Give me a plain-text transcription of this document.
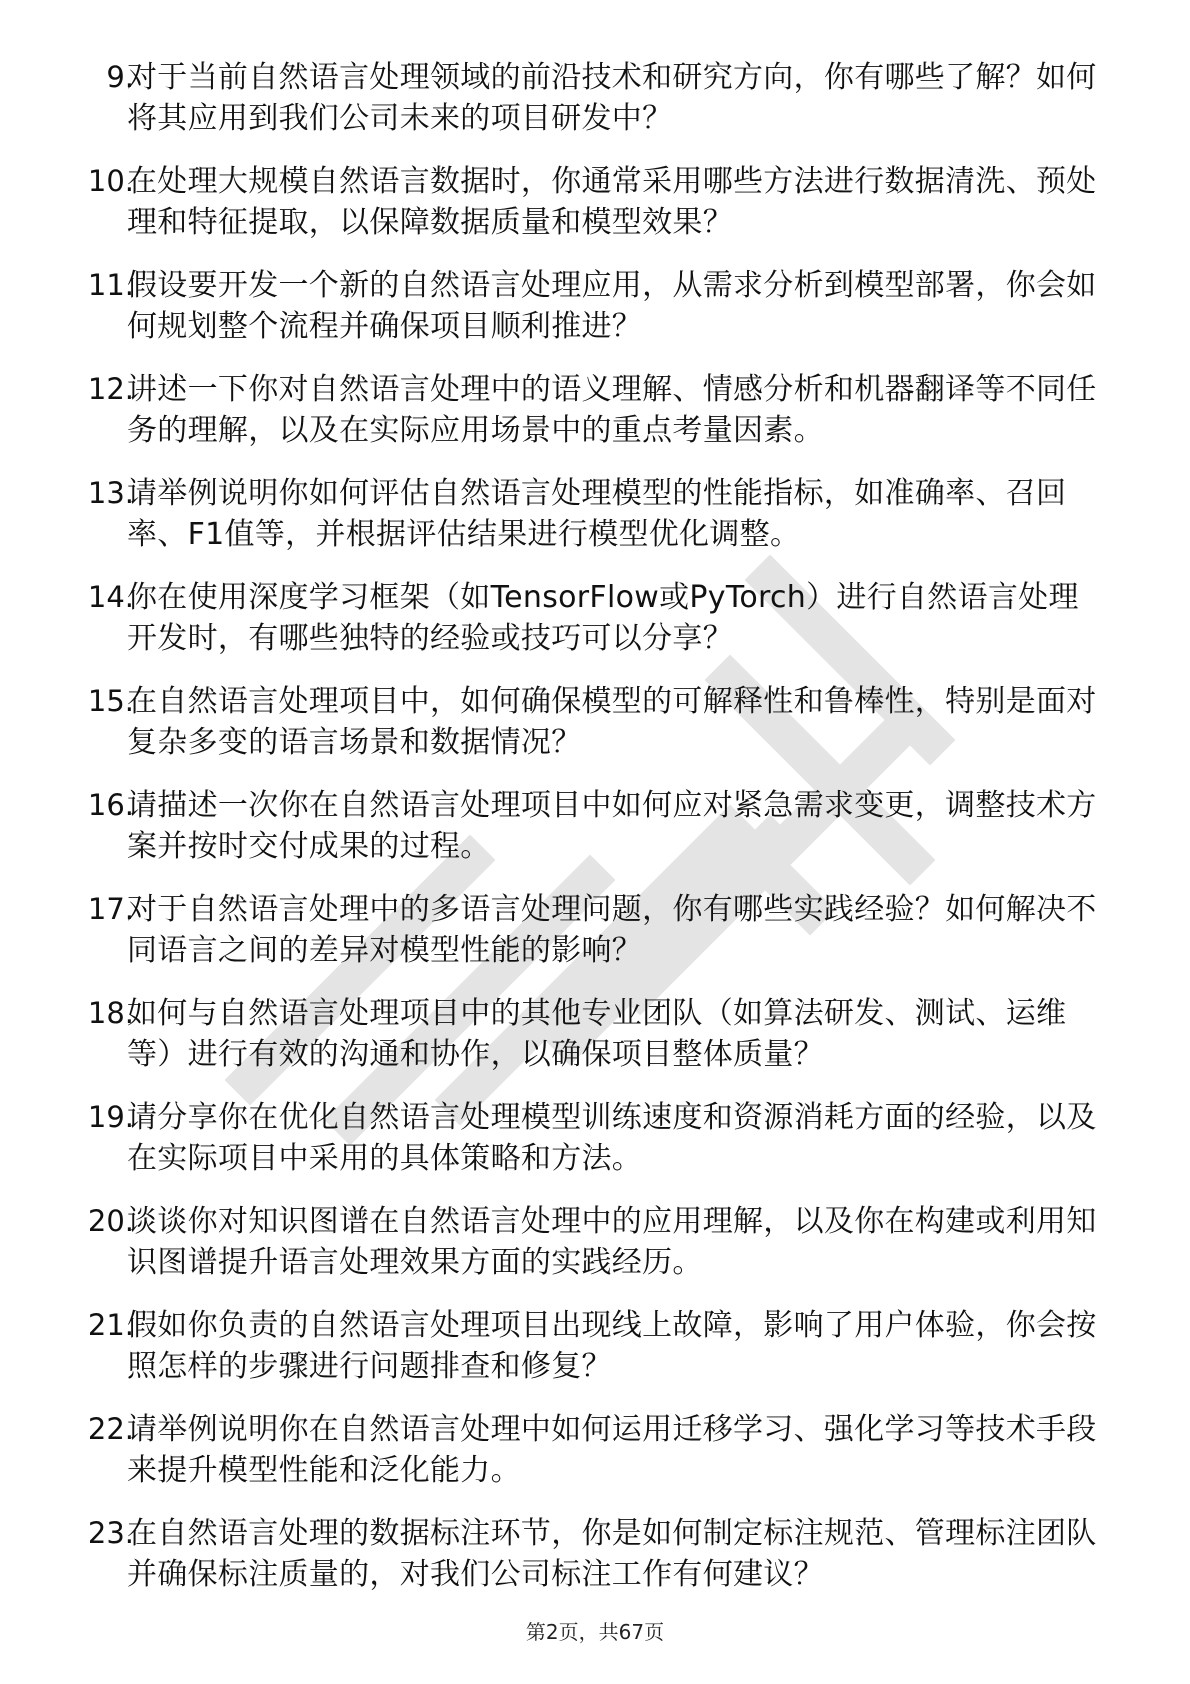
9.
对于当前自然语言处理领域的前沿技术和研究方向，你有哪些了解？如何将其应用到我们公司未来的项目研发中？
10.
在处理大规模自然语言数据时，你通常采用哪些方法进行数据清洗、预处理和特征提取，以保障数据质量和模型效果？
11.
假设要开发一个新的自然语言处理应用，从需求分析到模型部署，你会如何规划整个流程并确保项目顺利推进？
12.
讲述一下你对自然语言处理中的语义理解、情感分析和机器翻译等不同任务的理解，以及在实际应用场景中的重点考量因素。
13.
请举例说明你如何评估自然语言处理模型的性能指标，如准确率、召回率、F1值等，并根据评估结果进行模型优化调整。
14.
你在使用深度学习框架（如TensorFlow或PyTorch）进行自然语言处理开发时，有哪些独特的经验或技巧可以分享？
15.
在自然语言处理项目中，如何确保模型的可解释性和鲁棒性，特别是面对复杂多变的语言场景和数据情况？
16.
请描述一次你在自然语言处理项目中如何应对紧急需求变更，调整技术方案并按时交付成果的过程。
17.
对于自然语言处理中的多语言处理问题，你有哪些实践经验？如何解决不同语言之间的差异对模型性能的影响？
18.
如何与自然语言处理项目中的其他专业团队（如算法研发、测试、运维等）进行有效的沟通和协作，以确保项目整体质量？
19.
请分享你在优化自然语言处理模型训练速度和资源消耗方面的经验，以及在实际项目中采用的具体策略和方法。
20.
谈谈你对知识图谱在自然语言处理中的应用理解，以及你在构建或利用知识图谱提升语言处理效果方面的实践经历。
21.
假如你负责的自然语言处理项目出现线上故障，影响了用户体验，你会按照怎样的步骤进行问题排查和修复？
22.
请举例说明你在自然语言处理中如何运用迁移学习、强化学习等技术手段来提升模型性能和泛化能力。
23.
在自然语言处理的数据标注环节，你是如何制定标注规范、管理标注团队并确保标注质量的，对我们公司标注工作有何建议？
第2页，共67页
